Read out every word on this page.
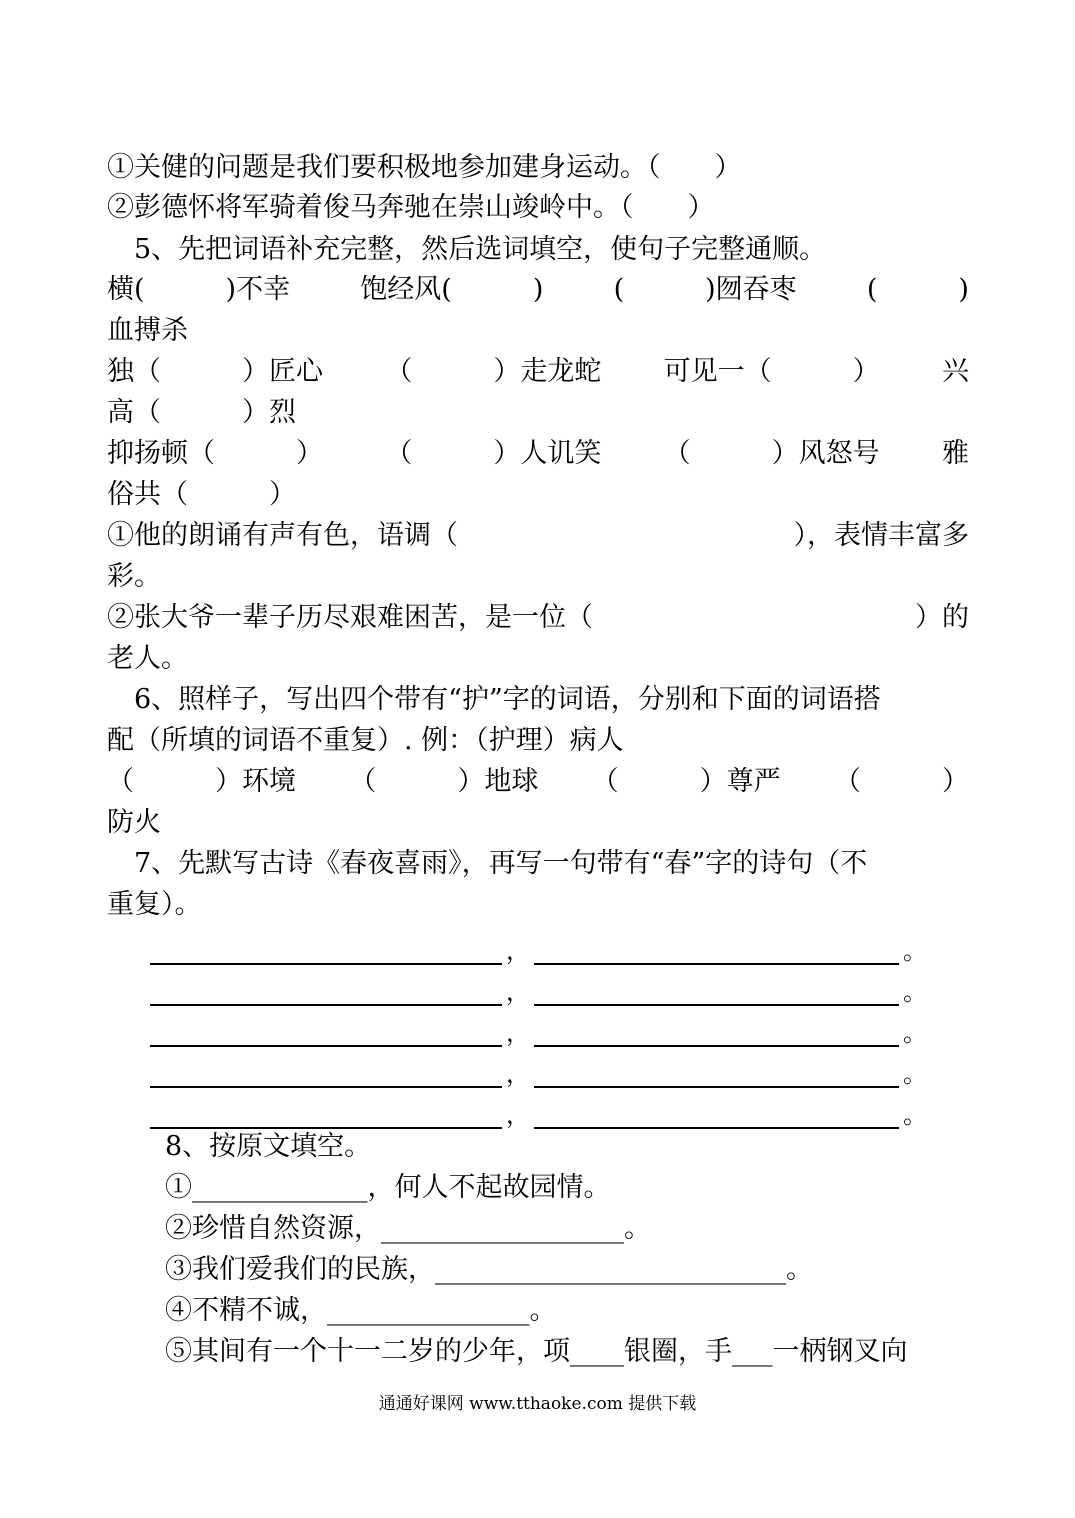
①关健的问题是我们要积极地参加建身运动。（　　）
②彭德怀将军骑着俊马奔驰在崇山竣岭中。（　　）
　5、先把词语补充完整，然后选词填空，使句子完整通顺。
横(　　　)不幸	饱经风(　　　)	(　　　)囫吞枣	(　　　)
血搏杀
独（　　　）匠心 （　　　）走龙蛇 可见一（　　　） 兴
高（　　　）烈
抑扬顿（　　　） （　　　）人讥笑 （　　　）风怒号 雅
俗共（　　　）
①他的朗诵有声有色，语调（	），表情丰富多
彩。
②张大爷一辈子历尽艰难困苦，是一位（	）的
老人。
　6、照样子，写出四个带有“护”字的词语，分别和下面的词语搭
配（所填的词语不重复）. 例：（护理）病人
（　　　）环境 （　　　）地球 （　　　）尊严 （　　　）
防火
　7、先默写古诗《春夜喜雨》，再写一句带有“春”字的诗句（不
重复）。
，	。
，	。
，	。
，	。
，	。
8、按原文填空。
①_____________，何人不起故园情。
②珍惜自然资源，__________________。
③我们爱我们的民族，__________________________。
④不精不诚，_______________。
⑤其间有一个十一二岁的少年，项____银圈，手___一柄钢叉向
通通好课网 www.tthaoke.com 提供下载
